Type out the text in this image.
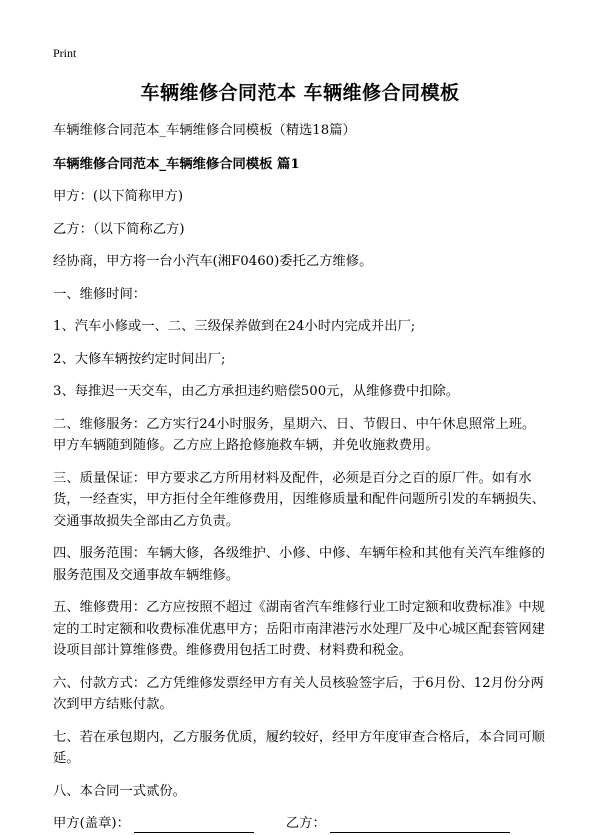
Print
车辆维修合同范本 车辆维修合同模板

车辆维修合同范本_车辆维修合同模板（精选18篇）

车辆维修合同范本_车辆维修合同模板 篇1

甲方：(以下简称甲方)

乙方：（以下简称乙方)

经协商，甲方将一台小汽车(湘F0460)委托乙方维修。

一、维修时间：

1、汽车小修或一、二、三级保养做到在24小时内完成并出厂;

2、大修车辆按约定时间出厂;

3、每推迟一天交车，由乙方承担违约赔偿500元，从维修费中扣除。

二、维修服务：乙方实行24小时服务，星期六、日、节假日、中午休息照常上班。甲方车辆随到随修。乙方应上路抢修施救车辆，并免收施救费用。

三、质量保证：甲方要求乙方所用材料及配件，必须是百分之百的原厂件。如有水货，一经查实，甲方拒付全年维修费用，因维修质量和配件问题所引发的车辆损失、交通事故损失全部由乙方负责。

四、服务范围：车辆大修，各级维护、小修、中修、车辆年检和其他有关汽车维修的服务范围及交通事故车辆维修。

五、维修费用：乙方应按照不超过《湖南省汽车维修行业工时定额和收费标准》中规定的工时定额和收费标准优惠甲方；岳阳市南津港污水处理厂及中心城区配套管网建设项目部计算维修费。维修费用包括工时费、材料费和税金。

六、付款方式：乙方凭维修发票经甲方有关人员核验签字后，于6月份、12月份分两次到甲方结账付款。

七、若在承包期内，乙方服务优质，履约较好，经甲方年度审查合格后，本合同可顺延。

八、本合同一式贰份。

甲方(盖章)：	乙方：
